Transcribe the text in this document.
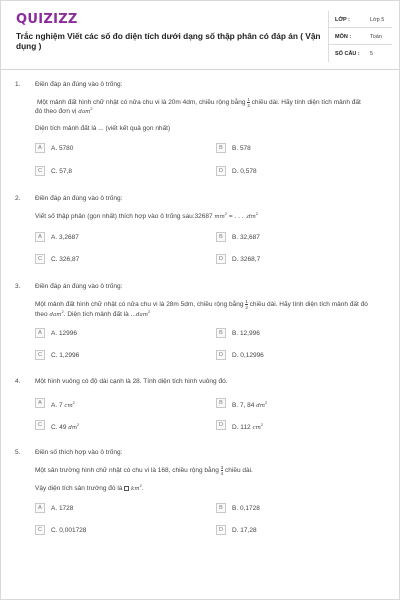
QUIZIZZ
Trắc nghiệm Viết các số đo diện tích dưới dạng số thập phân có đáp án ( Vận dụng )
LỚP :	Lớp 5
MÔN :	Toán
SỐ CÂU : 5
1. Điền đáp án đúng vào ô trống:
Một mảnh đất hình chữ nhật có nửa chu vi là 20m 4dm, chiều rộng bằng $\frac{1}{2}$ chiều dài. Hãy tính diện tích mảnh đất
đó theo đơn vị dam$^2$
Diện tích mảnh đất là ... (viết kết quả gọn nhất)
A	A. 5780	B	B. 578
C	C. 57,8	D	D. 0,578
2. Điền đáp án đúng vào ô trống:
Viết số thập phân (gọn nhất) thích hợp vào ô trống sau:32687 $mm^2$ = . . . $.dm^2$
A	A. 3,2687	B	B. 32,687
C	C. 326,87	D	D. 3268,7
3. Điền đáp án đúng vào ô trống:
Một mảnh đất hình chữ nhật có nửa chu vi là 28m 5dm, chiều rộng bằng $\frac{1}{2}$ chiều dài. Hãy tính diện tích mảnh đất đó
theo dam$^2$. Diện tích mảnh đất là ...dam$^2$
A	A. 12996	B	B. 12,996
C	C. 1,2996	D	D. 0,12996
4. Một hình vuông có độ dài cạnh là 28. Tính diện tích hình vuông đó.
A	A. 7 $cm^2$	B	B. 7, 84 $dm^2$
C	C. 49 $dm^2$	D	D. 112 $cm^2$
5. Điền số thích hợp vào ô trống:
Một sân trường hình chữ nhật có chu vi là 168, chiều rộng bằng $\frac{3}{4}$ chiều dài.
Vậy diện tích sân trường đó là $km^2$.
A	A. 1728	B	B. 0,1728
C	C. 0,001728	D	D. 17,28
